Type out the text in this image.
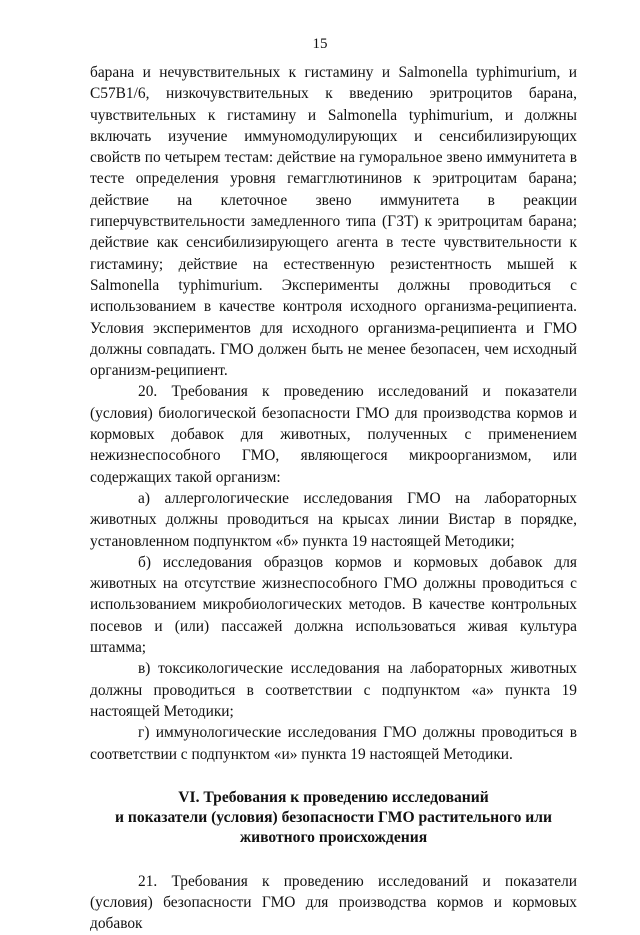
15

барана и нечувствительных к гистамину и Salmonella typhimurium, и C57B1/6, низкочувствительных к введению эритроцитов барана, чувствительных к гистамину и Salmonella typhimurium, и должны включать изучение иммуномодулирующих и сенсибилизирующих свойств по четырем тестам: действие на гуморальное звено иммунитета в тесте определения уровня гемагглютининов к эритроцитам барана; действие на клеточное звено иммунитета в реакции гиперчувствительности замедленного типа (ГЗТ) к эритроцитам барана; действие как сенсибилизирующего агента в тесте чувствительности к гистамину; действие на естественную резистентность мышей к Salmonella typhimurium. Эксперименты должны проводиться с использованием в качестве контроля исходного организма-реципиента. Условия экспериментов для исходного организма-реципиента и ГМО должны совпадать. ГМО должен быть не менее безопасен, чем исходный организм-реципиент.

20. Требования к проведению исследований и показатели (условия) биологической безопасности ГМО для производства кормов и кормовых добавок для животных, полученных с применением нежизнеспособного ГМО, являющегося микроорганизмом, или содержащих такой организм:

а) аллергологические исследования ГМО на лабораторных животных должны проводиться на крысах линии Вистар в порядке, установленном подпунктом «б» пункта 19 настоящей Методики;

б) исследования образцов кормов и кормовых добавок для животных на отсутствие жизнеспособного ГМО должны проводиться с использованием микробиологических методов. В качестве контрольных посевов и (или) пассажей должна использоваться живая культура штамма;

в) токсикологические исследования на лабораторных животных должны проводиться в соответствии с подпунктом «а» пункта 19 настоящей Методики;

г) иммунологические исследования ГМО должны проводиться в соответствии с подпунктом «и» пункта 19 настоящей Методики.

VI. Требования к проведению исследований
и показатели (условия) безопасности ГМО растительного или
животного происхождения

21. Требования к проведению исследований и показатели (условия) безопасности ГМО для производства кормов и кормовых добавок
